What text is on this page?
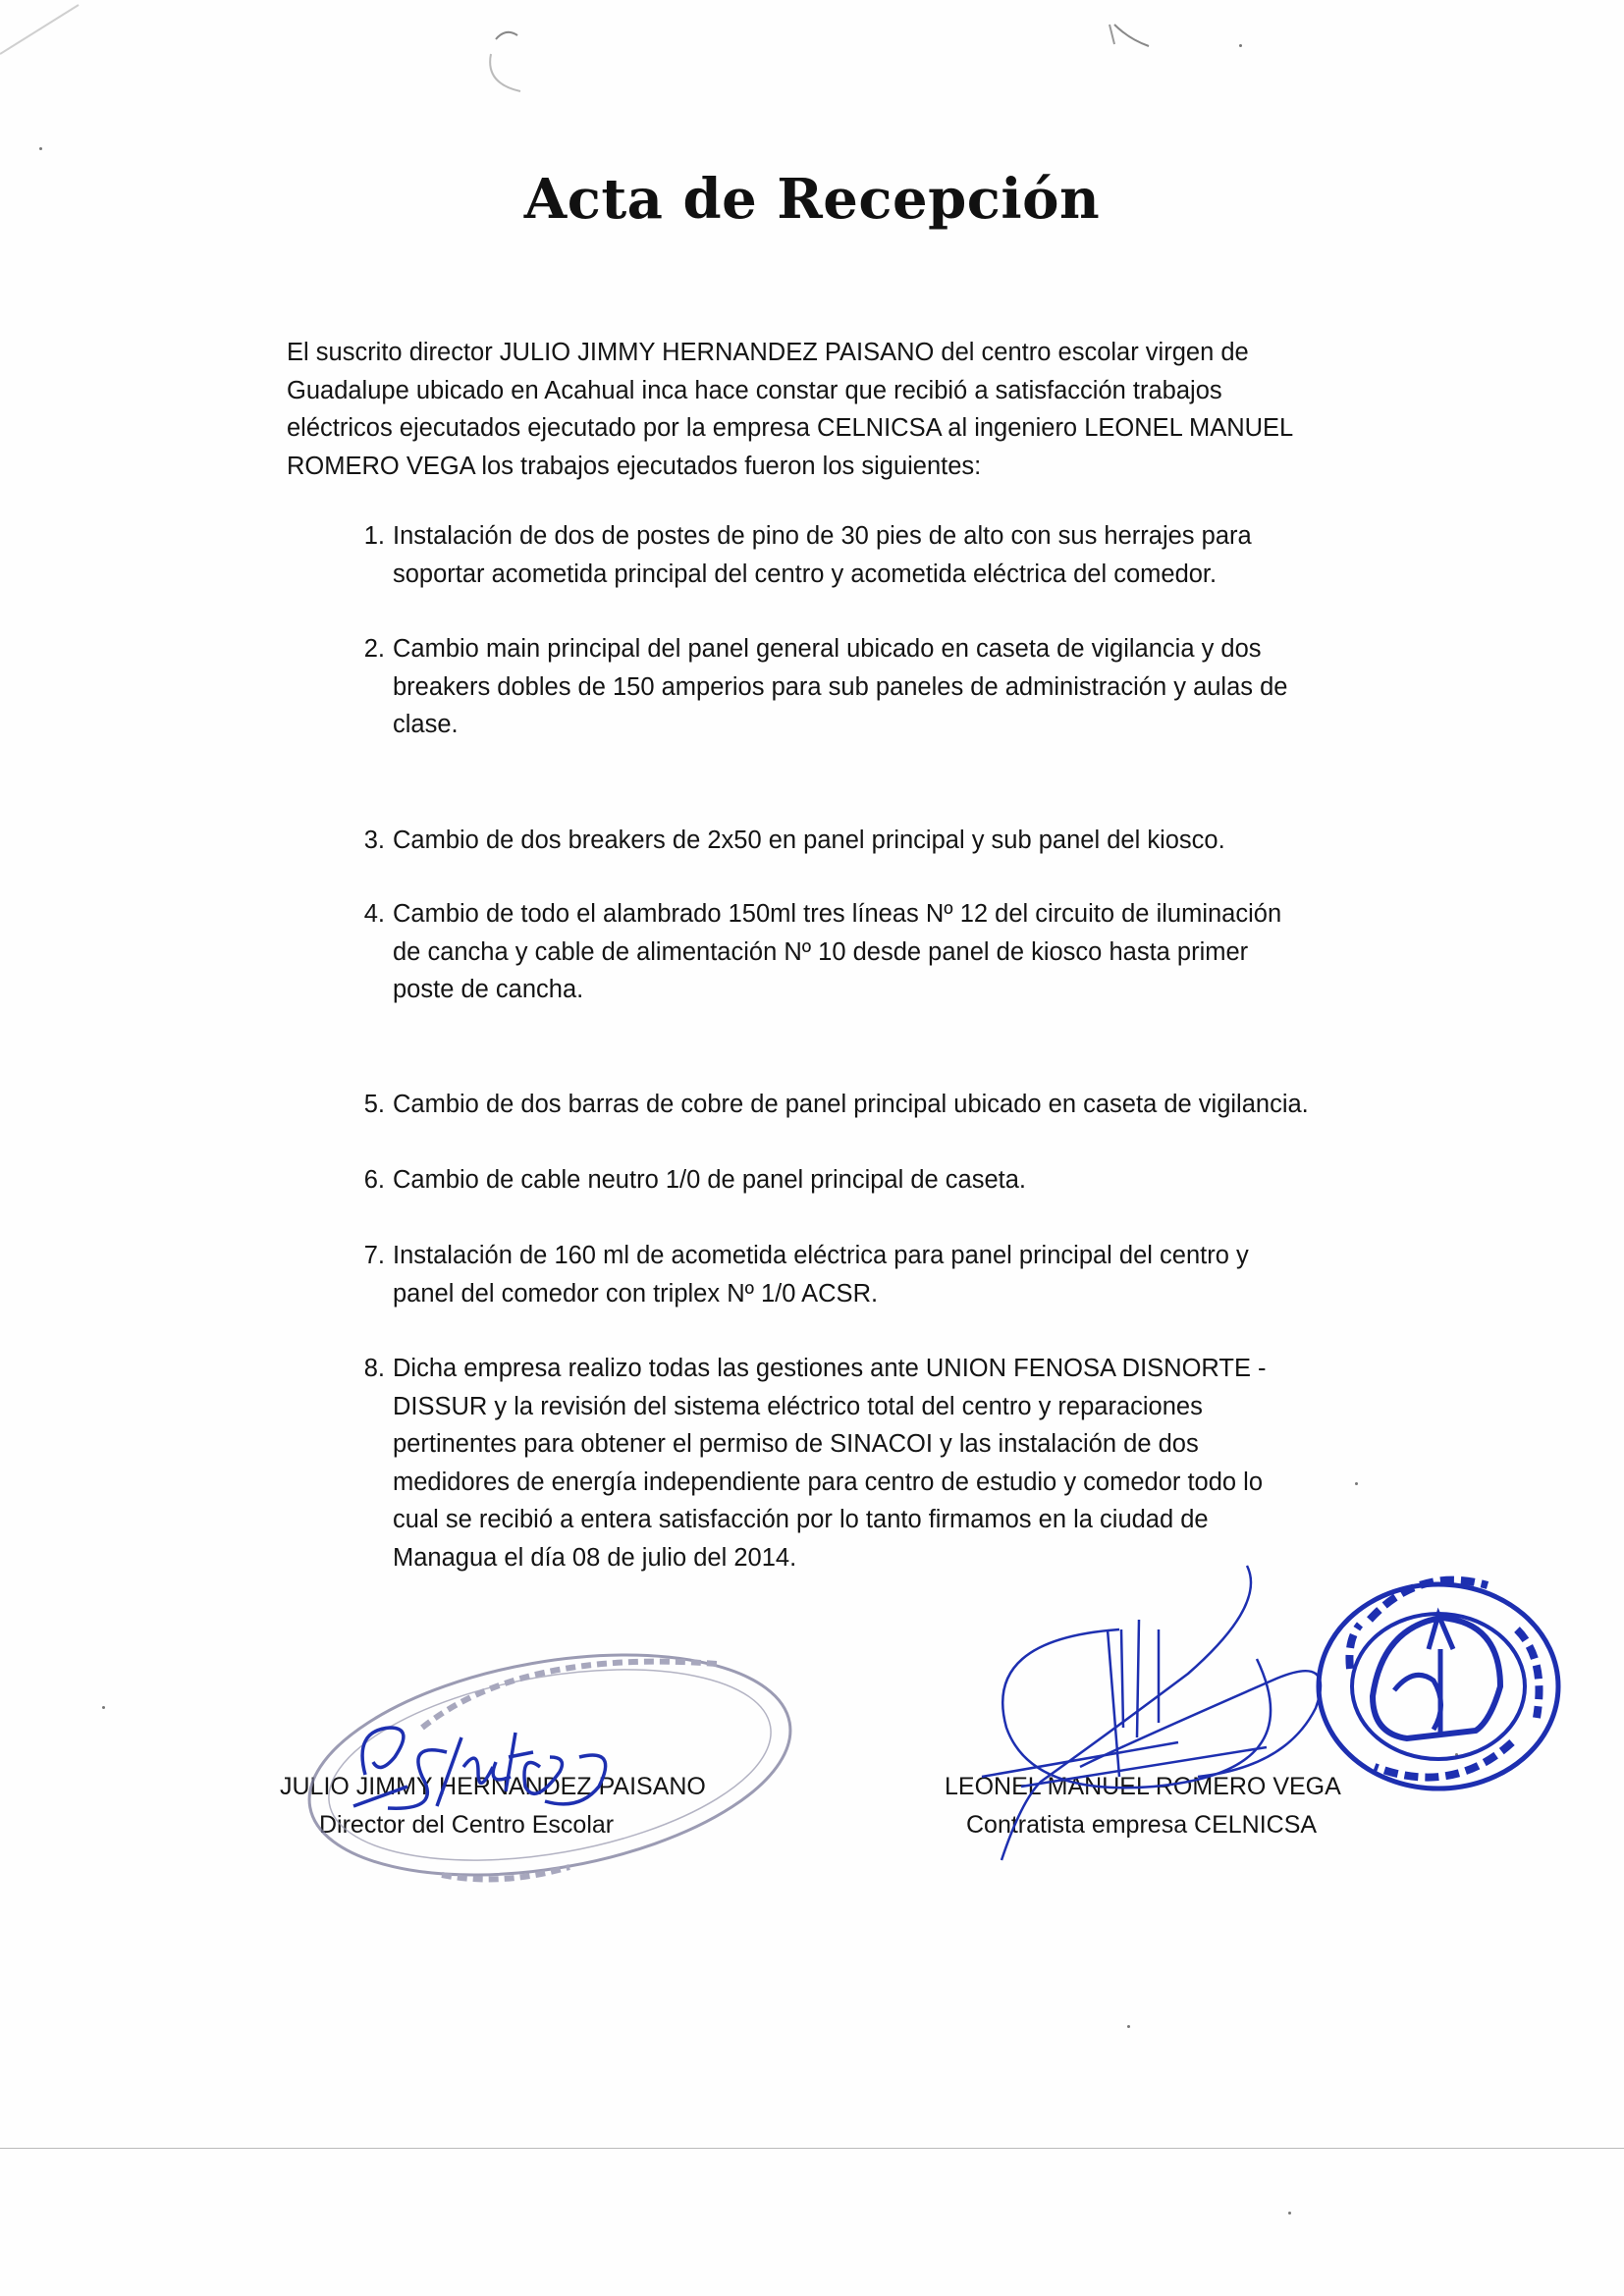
Acta de Recepción
El suscrito director JULIO JIMMY HERNANDEZ PAISANO del centro escolar virgen de
Guadalupe ubicado en Acahual inca hace constar que recibió a satisfacción trabajos
eléctricos ejecutados ejecutado por la empresa CELNICSA al ingeniero LEONEL MANUEL
ROMERO VEGA los trabajos ejecutados fueron los siguientes:
1. Instalación de dos de postes de pino de 30 pies de alto con sus herrajes para
soportar acometida principal del centro y acometida eléctrica del comedor.
2. Cambio main principal del panel general ubicado en caseta de vigilancia y dos
breakers dobles de 150 amperios para sub paneles de administración y aulas de
clase.
3. Cambio de dos breakers de 2x50 en panel principal y sub panel del kiosco.
4. Cambio de todo el alambrado 150ml tres líneas Nº 12 del circuito de iluminación
de cancha y cable de alimentación Nº 10 desde panel de kiosco hasta primer
poste de cancha.
5. Cambio de dos barras de cobre de panel principal ubicado en caseta de vigilancia.
6. Cambio de cable neutro 1/0 de panel principal de caseta.
7. Instalación de 160 ml de acometida eléctrica para panel principal del centro y
panel del comedor con triplex Nº 1/0 ACSR.
8. Dicha empresa realizo todas las gestiones ante UNION FENOSA DISNORTE -
DISSUR y la revisión del sistema eléctrico total del centro y reparaciones
pertinentes para obtener el permiso de SINACOI y las instalación de dos
medidores de energía independiente para centro de estudio y comedor todo lo
cual se recibió a entera satisfacción por lo tanto firmamos en la ciudad de
Managua el día 08 de julio del 2014.
JULIO JIMMY HERNANDEZ PAISANO
Director del Centro Escolar
LEONEL MANUEL ROMERO VEGA
Contratista empresa CELNICSA
